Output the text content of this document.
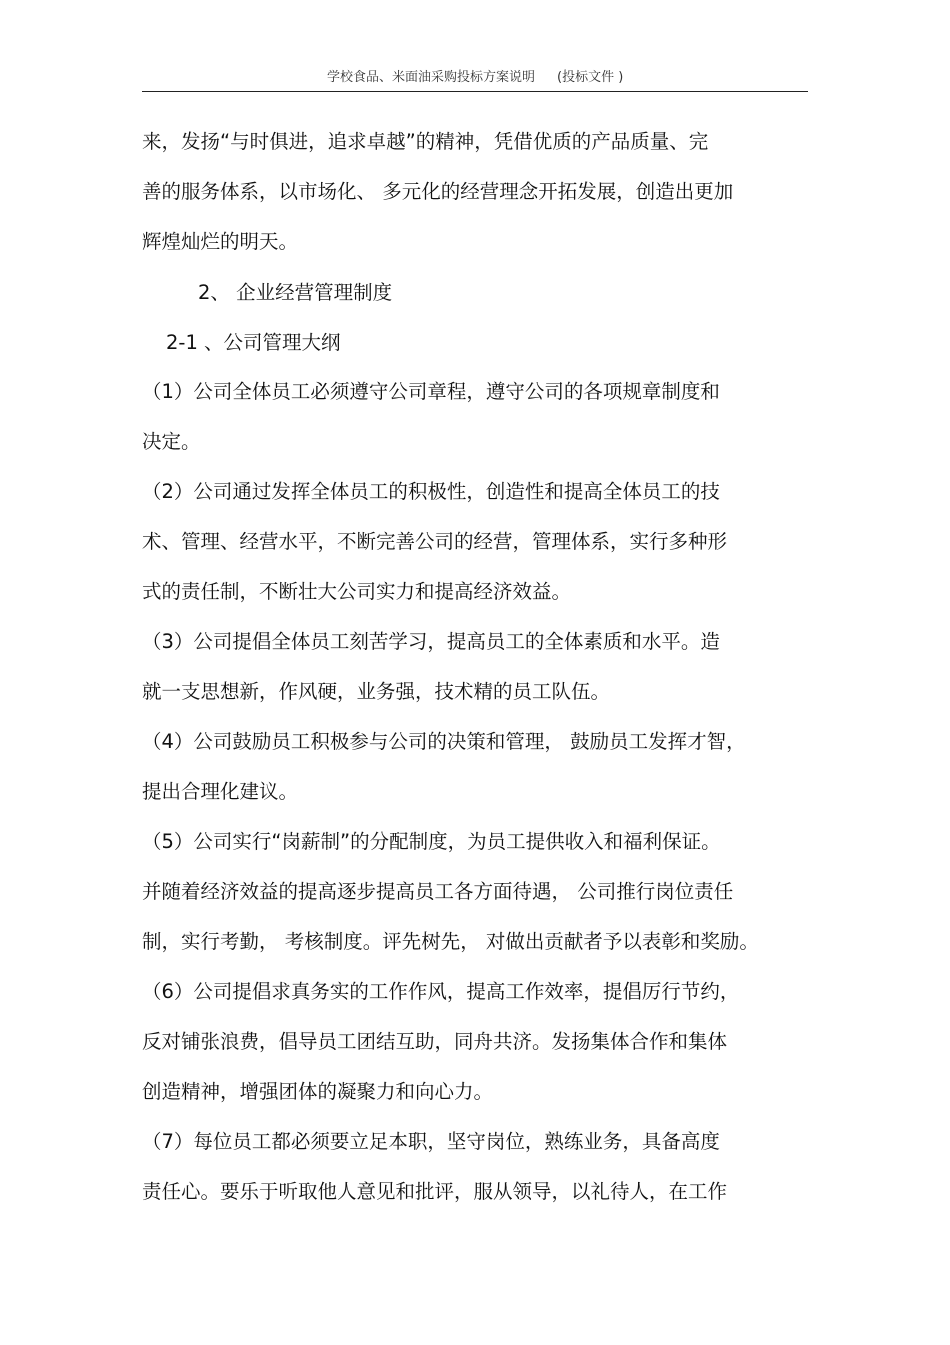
学校食品、米面油采购投标方案说明 (投标文件 )
来，发扬“与时俱进，追求卓越”的精神，凭借优质的产品质量、完
善的服务体系，以市场化、 多元化的经营理念开拓发展，创造出更加
辉煌灿烂的明天。
2、 企业经营管理制度
2-1 、公司管理大纲
（1）公司全体员工必须遵守公司章程，遵守公司的各项规章制度和
决定。
（2）公司通过发挥全体员工的积极性，创造性和提高全体员工的技
术、管理、经营水平，不断完善公司的经营，管理体系，实行多种形
式的责任制，不断壮大公司实力和提高经济效益。
（3）公司提倡全体员工刻苦学习，提高员工的全体素质和水平。造
就一支思想新，作风硬，业务强，技术精的员工队伍。
（4）公司鼓励员工积极参与公司的决策和管理， 鼓励员工发挥才智，
提出合理化建议。
（5）公司实行“岗薪制”的分配制度，为员工提供收入和福利保证。
并随着经济效益的提高逐步提高员工各方面待遇， 公司推行岗位责任
制，实行考勤， 考核制度。评先树先， 对做出贡献者予以表彰和奖励。
（6）公司提倡求真务实的工作作风，提高工作效率，提倡厉行节约，
反对铺张浪费，倡导员工团结互助，同舟共济。发扬集体合作和集体
创造精神，增强团体的凝聚力和向心力。
（7）每位员工都必须要立足本职，坚守岗位，熟练业务，具备高度
责任心。要乐于听取他人意见和批评，服从领导，以礼待人，在工作
